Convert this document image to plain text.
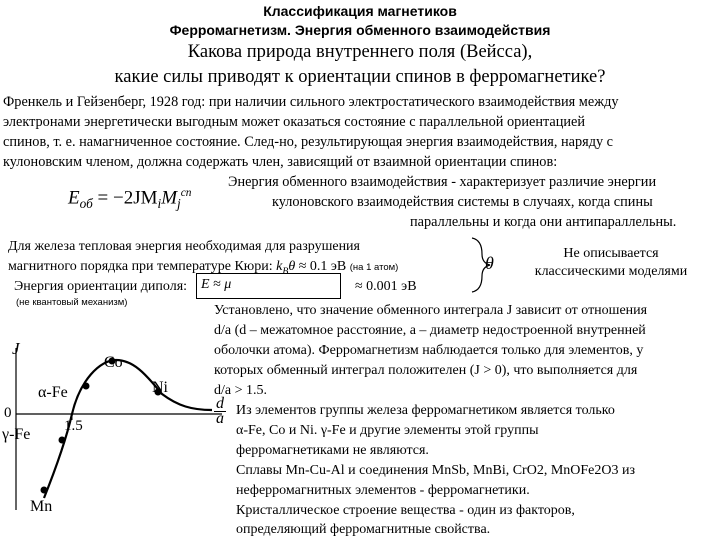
Классификация магнетиков
Ферромагнетизм. Энергия обменного взаимодействия
Какова природа внутреннего поля (Вейсса),
какие силы приводят к ориентации спинов в ферромагнетике?
Френкель и Гейзенберг, 1928 год: при наличии сильного электростатического взаимодействия между
электронами энергетически выгодным может оказаться состояние с параллельной ориентацией
спинов, т. е. намагниченное состояние. След-но, результирующая энергия взаимодействия, наряду с
кулоновским членом, должна содержать член, зависящий от взаимной ориентации спинов:
$E_{об} = -2JM_iM_j^{сп}$
Энергия обменного взаимодействия - характеризует различие энергии
кулоновского взаимодействия системы в случаях, когда спины
параллельны и когда они антипараллельны.
Для железа тепловая энергия необходимая для разрушения
магнитного порядка при температуре Кюри: $k_B\theta \approx 0.1$ эВ (на 1 атом)
Энергия ориентации диполя: E ≈ μ	≈ 0.001 эВ
(не квантовый механизм)
θ	Не описывается
классическими моделями
J
0
1.5
α-Fe
γ-Fe
Co
Ni
Mn
d
a
Установлено, что значение обменного интеграла J зависит от отношения
d/a (d – межатомное расстояние, а – диаметр недостроенной внутренней
оболочки атома). Ферромагнетизм наблюдается только для элементов, у
которых обменный интеграл положителен (J > 0), что выполняется для
d/a > 1.5.
Из элементов группы железа ферромагнетиком является только
α-Fe, Co и Ni. γ-Fe и другие элементы этой группы
ферромагнетиками не являются.
Сплавы Mn-Cu-Al и соединения MnSb, MnBi, CrO2, MnOFe2O3 из
неферромагнитных элементов - ферромагнетики.
Кристаллическое строение вещества - один из факторов,
определяющий ферромагнитные свойства.
